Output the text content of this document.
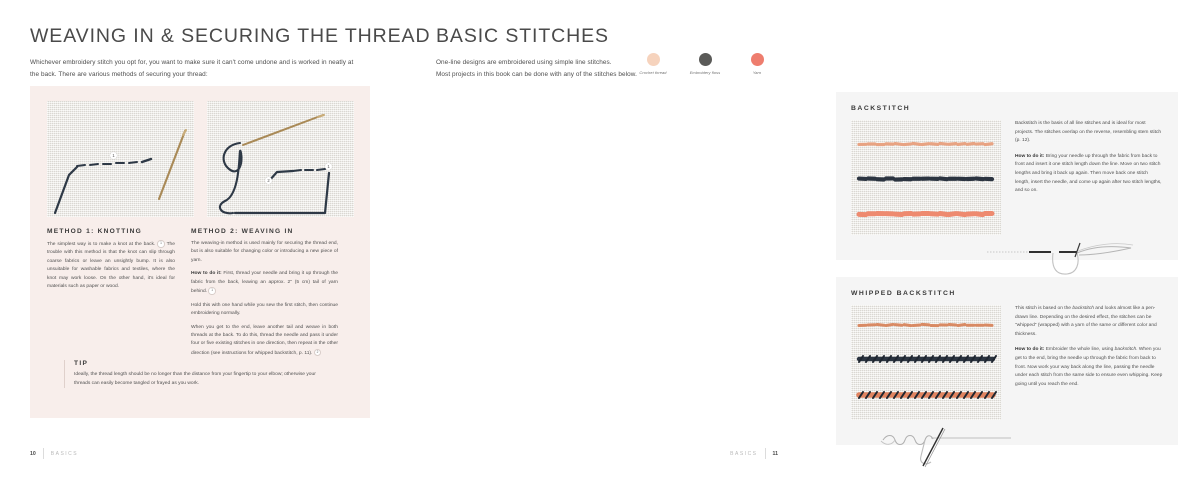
WEAVING IN & SECURING THE THREAD

Whichever embroidery stitch you opt for, you want to make sure it can't come undone and is worked in neatly at the back. There are various methods of securing your thread:

1
1
2
METHOD 1: KNOTTING

The simplest way is to make a knot at the back. 1 The trouble with this method is that the knot can slip through coarse fabrics or leave an unsightly bump. It is also unsuitable for washable fabrics and textiles, where the knot may work loose. On the other hand, it's ideal for materials such as paper or wood.

METHOD 2: WEAVING IN

The weaving-in method is used mainly for securing the thread end, but is also suitable for changing color or introducing a new piece of yarn.

How to do it: First, thread your needle and bring it up through the fabric from the back, leaving an approx. 2" (5 cm) tail of yarn behind. 1

Hold this with one hand while you sew the first stitch, then continue embroidering normally.

When you get to the end, leave another tail and weave in both threads at the back. To do this, thread the needle and pass it under four or five existing stitches in one direction, then repeat in the other direction (see instructions for whipped backstitch, p. 11). 2

TIP

Ideally, the thread length should be no longer than the distance from your fingertip to your elbow; otherwise your threads can easily become tangled or frayed as you work.

10	BASICS
BASIC STITCHES

One-line designs are embroidered using simple line stitches.

Most projects in this book can be done with any of the stitches below. Crochet thread	Embroidery floss	Yarn
BACKSTITCH

Backstitch is the basis of all line stitches and is ideal for most projects. The stitches overlap on the reverse, resembling stem stitch (p. 12).

How to do it: Bring your needle up through the fabric from back to front and insert it one stitch length down the line. Move on two stitch lengths and bring it back up again. Then move back one stitch length, insert the needle, and come up again after two stitch lengths, and so on.

WHIPPED BACKSTITCH

This stitch is based on the backstitch and looks almost like a pen-drawn line. Depending on the desired effect, the stitches can be "whipped" (wrapped) with a yarn of the same or different color and thickness.

How to do it: Embroider the whole line, using backstitch. When you get to the end, bring the needle up through the fabric from back to front. Now work your way back along the line, passing the needle under each stitch from the same side to ensure even whipping. Keep going until you reach the end.

BASICS	11
